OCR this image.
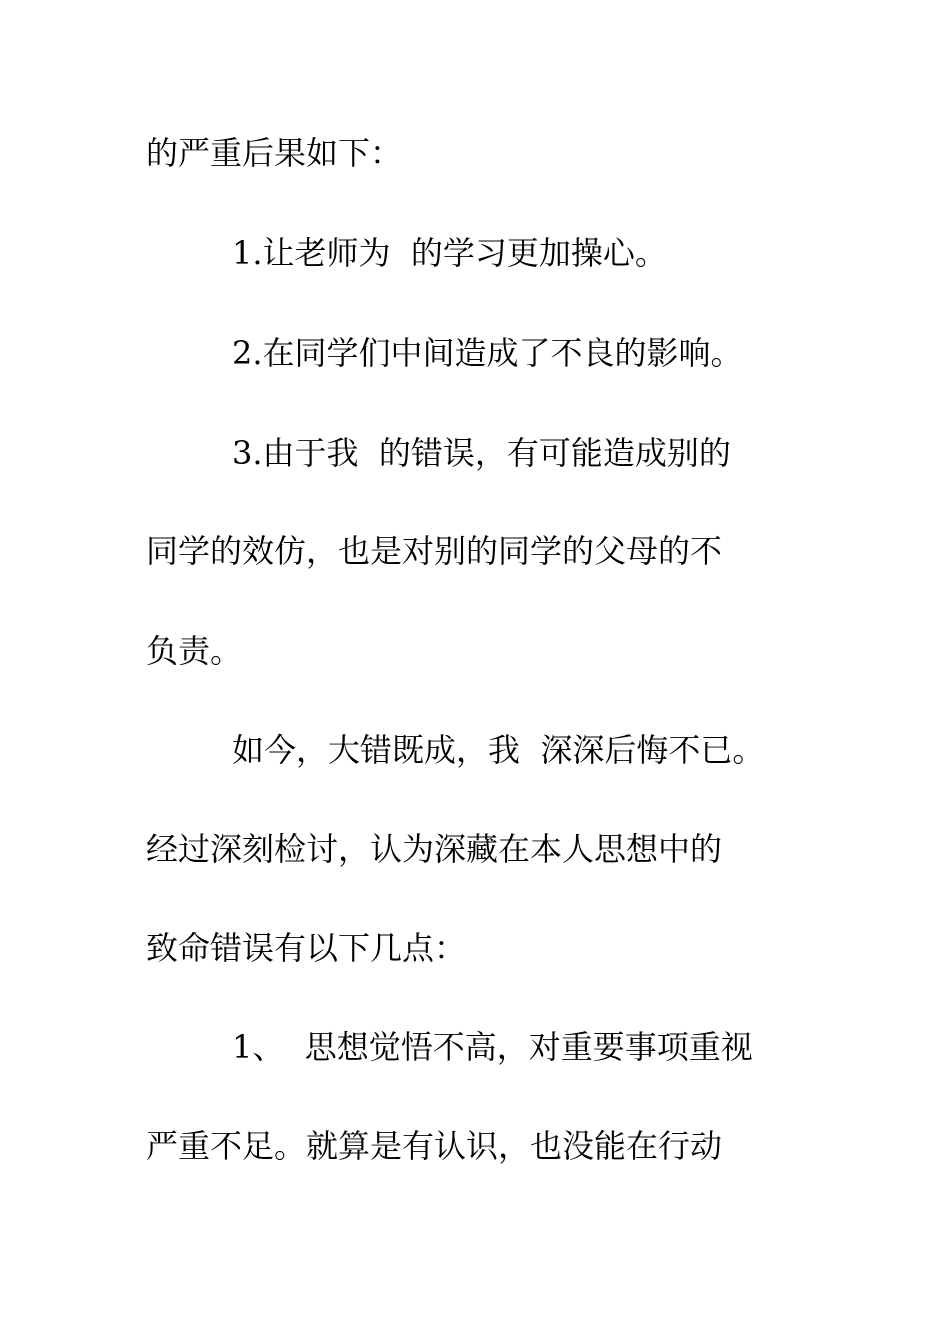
的严重后果如下：
1.让老师为  的学习更加操心。
2.在同学们中间造成了不良的影响。
3.由于我  的错误，有可能造成别的
同学的效仿，也是对别的同学的父母的不
负责。
如今，大错既成，我  深深后悔不已。
经过深刻检讨，认为深藏在本人思想中的
致命错误有以下几点：
1、  思想觉悟不高，对重要事项重视
严重不足。就算是有认识，也没能在行动
